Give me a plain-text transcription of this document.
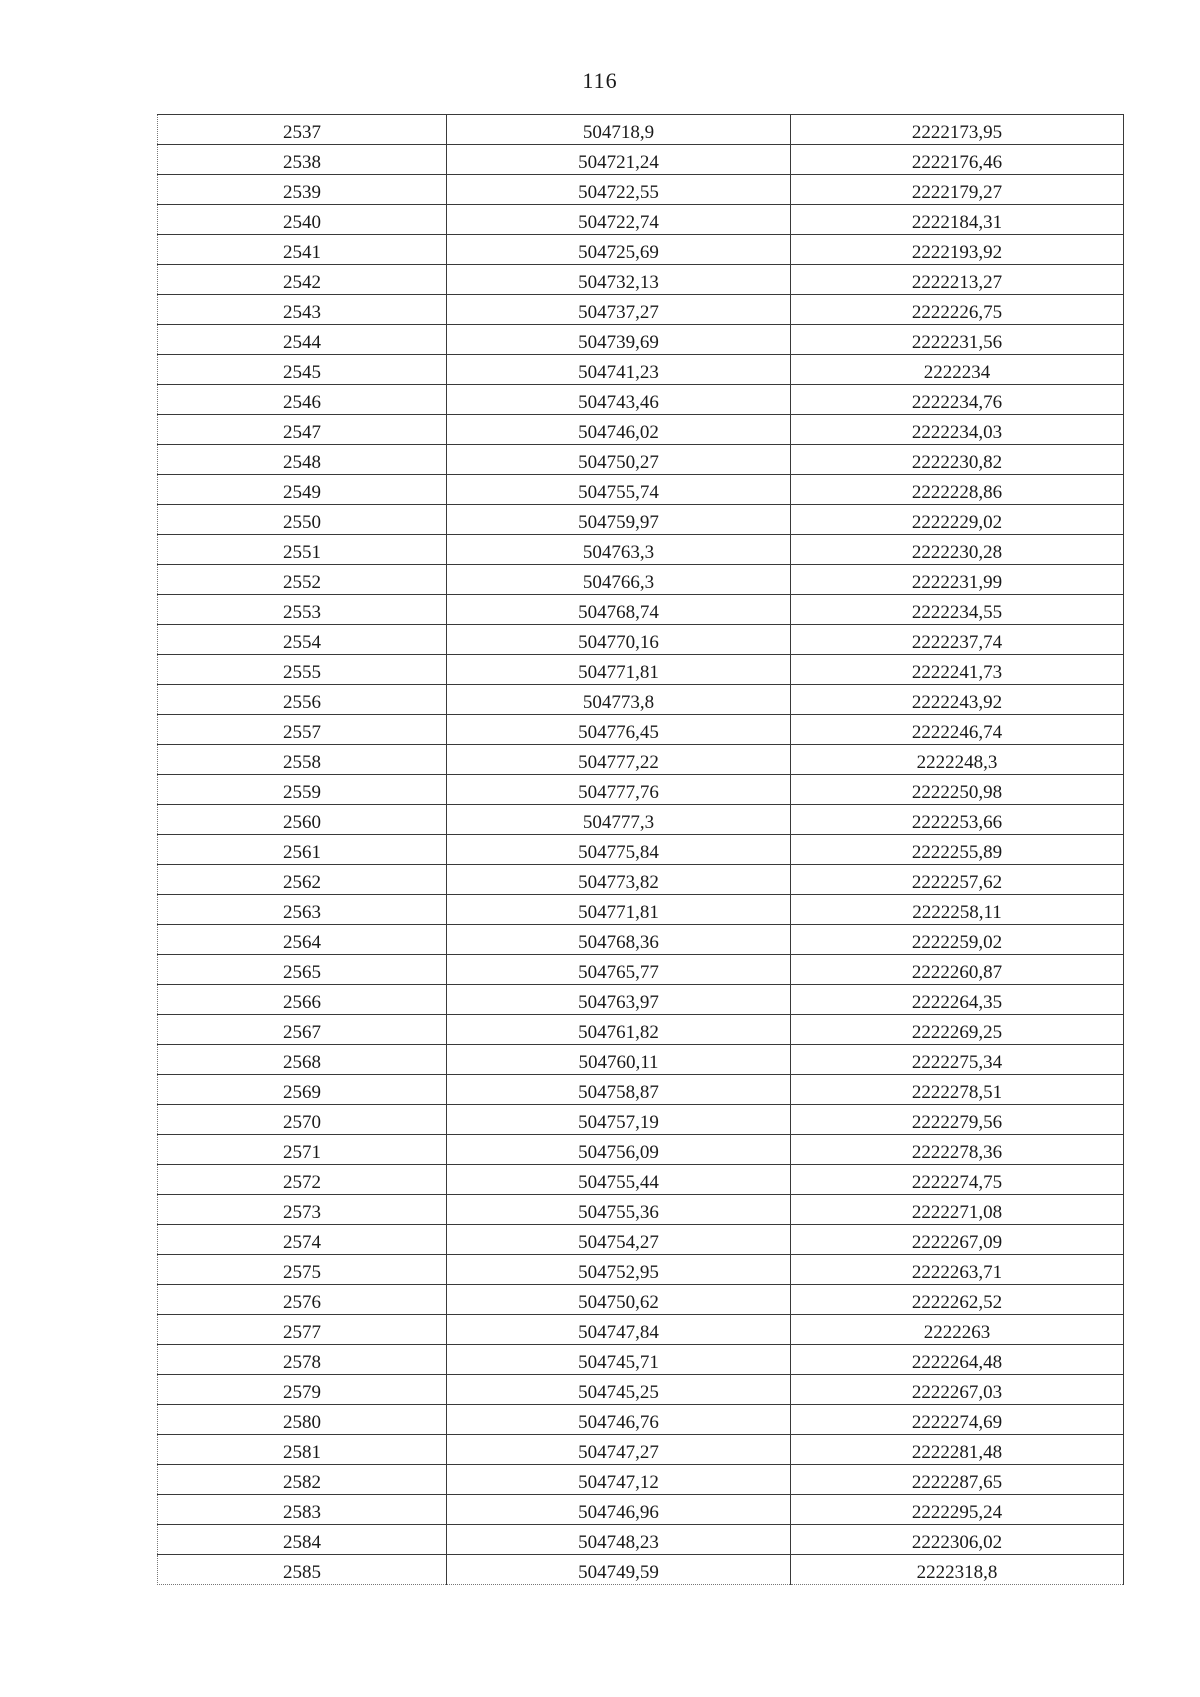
116
2537	504718,9	2222173,95
2538	504721,24	2222176,46
2539	504722,55	2222179,27
2540	504722,74	2222184,31
2541	504725,69	2222193,92
2542	504732,13	2222213,27
2543	504737,27	2222226,75
2544	504739,69	2222231,56
2545	504741,23	2222234
2546	504743,46	2222234,76
2547	504746,02	2222234,03
2548	504750,27	2222230,82
2549	504755,74	2222228,86
2550	504759,97	2222229,02
2551	504763,3	2222230,28
2552	504766,3	2222231,99
2553	504768,74	2222234,55
2554	504770,16	2222237,74
2555	504771,81	2222241,73
2556	504773,8	2222243,92
2557	504776,45	2222246,74
2558	504777,22	2222248,3
2559	504777,76	2222250,98
2560	504777,3	2222253,66
2561	504775,84	2222255,89
2562	504773,82	2222257,62
2563	504771,81	2222258,11
2564	504768,36	2222259,02
2565	504765,77	2222260,87
2566	504763,97	2222264,35
2567	504761,82	2222269,25
2568	504760,11	2222275,34
2569	504758,87	2222278,51
2570	504757,19	2222279,56
2571	504756,09	2222278,36
2572	504755,44	2222274,75
2573	504755,36	2222271,08
2574	504754,27	2222267,09
2575	504752,95	2222263,71
2576	504750,62	2222262,52
2577	504747,84	2222263
2578	504745,71	2222264,48
2579	504745,25	2222267,03
2580	504746,76	2222274,69
2581	504747,27	2222281,48
2582	504747,12	2222287,65
2583	504746,96	2222295,24
2584	504748,23	2222306,02
2585	504749,59	2222318,8
